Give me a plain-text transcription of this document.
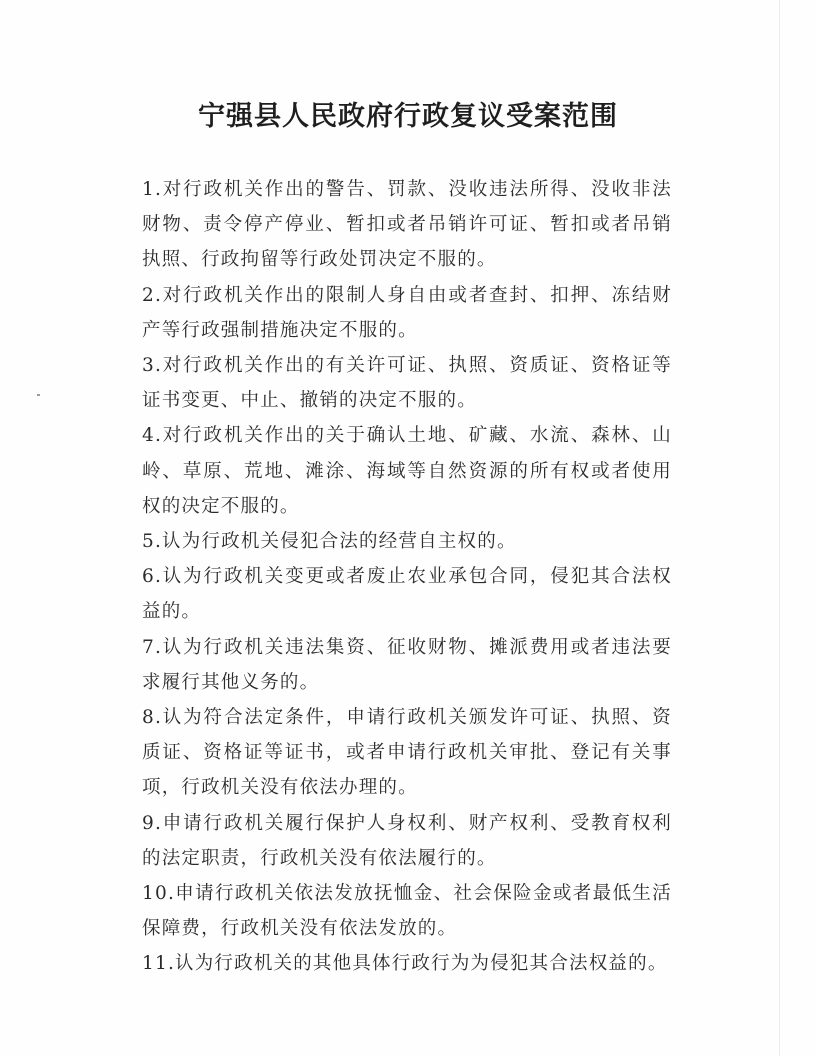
宁强县人民政府行政复议受案范围
1.对行政机关作出的警告、罚款、没收违法所得、没收非法财物、责令停产停业、暂扣或者吊销许可证、暂扣或者吊销执照、行政拘留等行政处罚决定不服的。
2.对行政机关作出的限制人身自由或者查封、扣押、冻结财产等行政强制措施决定不服的。
3.对行政机关作出的有关许可证、执照、资质证、资格证等证书变更、中止、撤销的决定不服的。
4.对行政机关作出的关于确认土地、矿藏、水流、森林、山岭、草原、荒地、滩涂、海域等自然资源的所有权或者使用权的决定不服的。
5.认为行政机关侵犯合法的经营自主权的。
6.认为行政机关变更或者废止农业承包合同，侵犯其合法权益的。
7.认为行政机关违法集资、征收财物、摊派费用或者违法要求履行其他义务的。
8.认为符合法定条件，申请行政机关颁发许可证、执照、资质证、资格证等证书，或者申请行政机关审批、登记有关事项，行政机关没有依法办理的。
9.申请行政机关履行保护人身权利、财产权利、受教育权利的法定职责，行政机关没有依法履行的。
10.申请行政机关依法发放抚恤金、社会保险金或者最低生活保障费，行政机关没有依法发放的。
11.认为行政机关的其他具体行政行为为侵犯其合法权益的。
